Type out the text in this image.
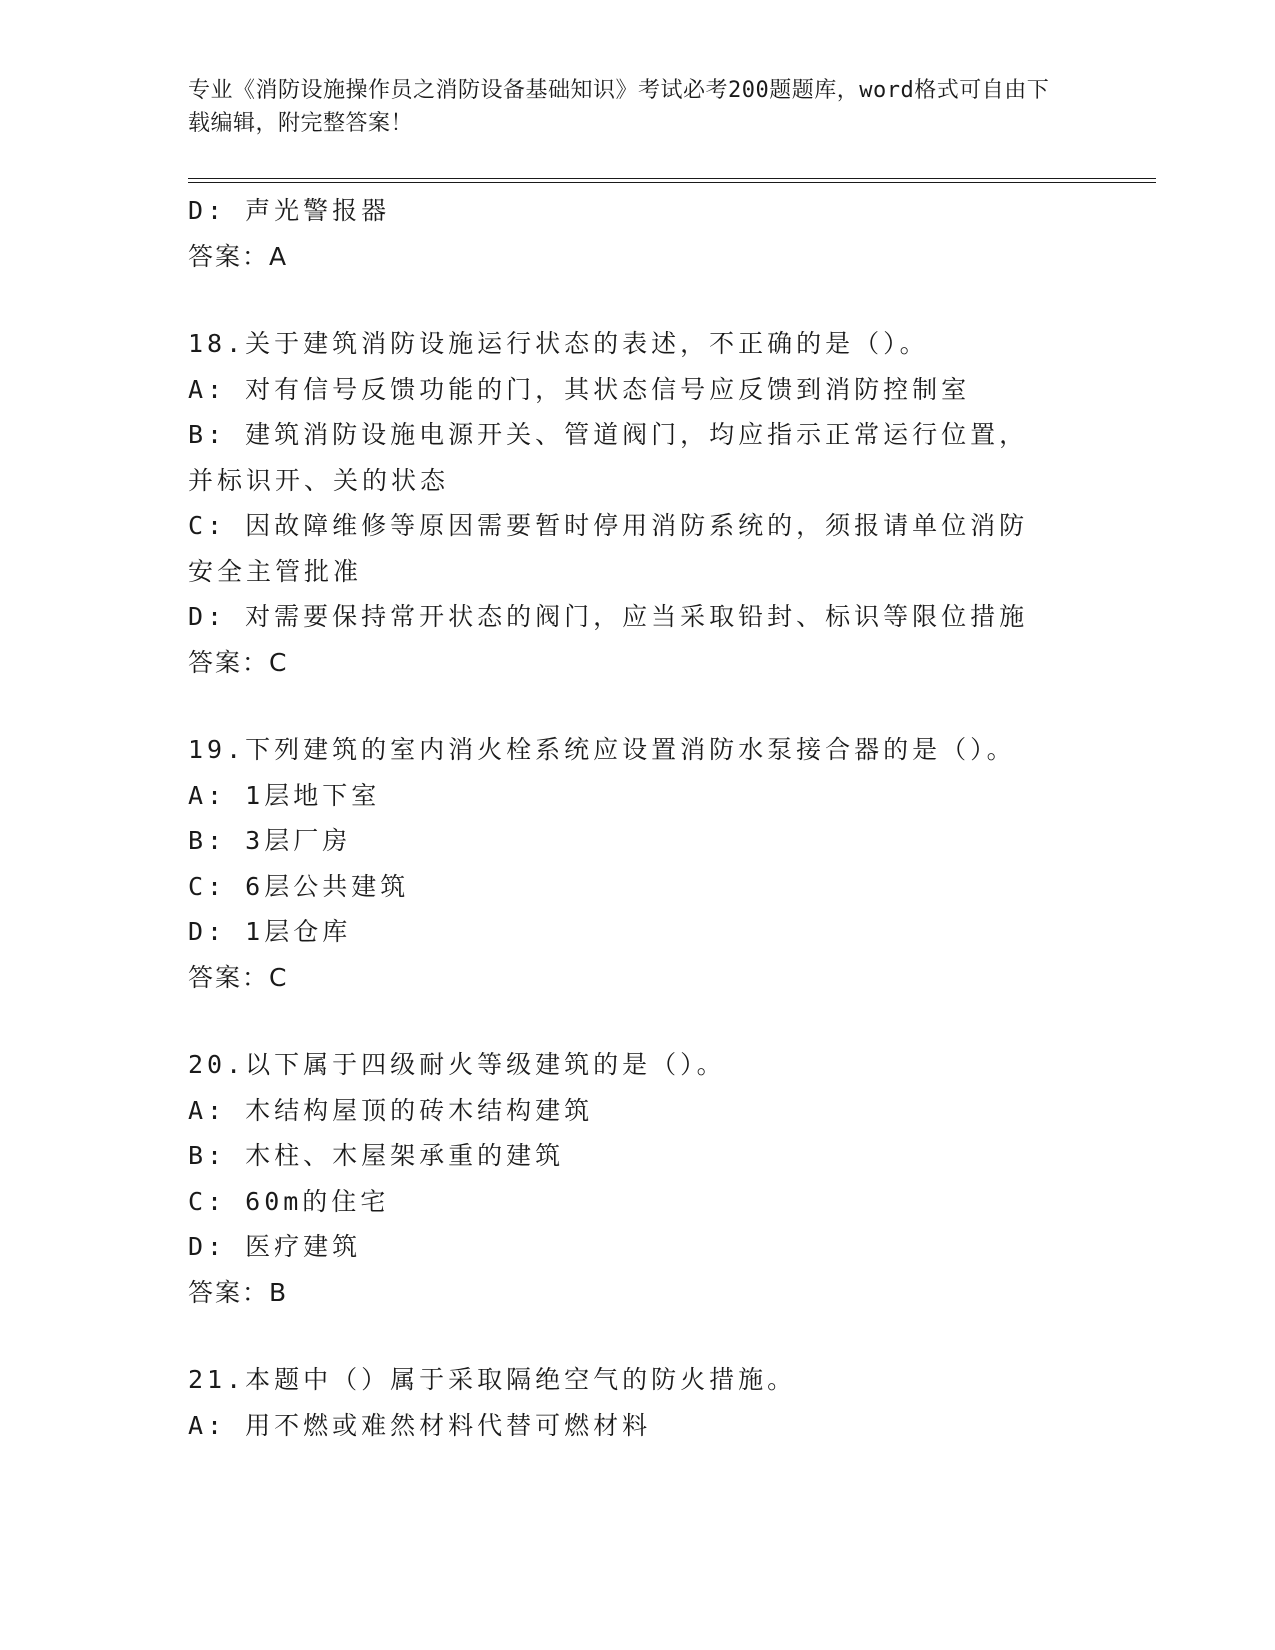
专业《消防设施操作员之消防设备基础知识》考试必考200题题库，word格式可自由下载编辑，附完整答案！
D: 声光警报器
答案：A
18.关于建筑消防设施运行状态的表述，不正确的是（）。
A: 对有信号反馈功能的门，其状态信号应反馈到消防控制室
B: 建筑消防设施电源开关、管道阀门，均应指示正常运行位置，并标识开、关的状态
C: 因故障维修等原因需要暂时停用消防系统的，须报请单位消防安全主管批准
D: 对需要保持常开状态的阀门，应当采取铅封、标识等限位措施
答案：C
19.下列建筑的室内消火栓系统应设置消防水泵接合器的是（）。
A: 1层地下室
B: 3层厂房
C: 6层公共建筑
D: 1层仓库
答案：C
20.以下属于四级耐火等级建筑的是（）。
A: 木结构屋顶的砖木结构建筑
B: 木柱、木屋架承重的建筑
C: 60m的住宅
D: 医疗建筑
答案：B
21.本题中（）属于采取隔绝空气的防火措施。
A: 用不燃或难然材料代替可燃材料
